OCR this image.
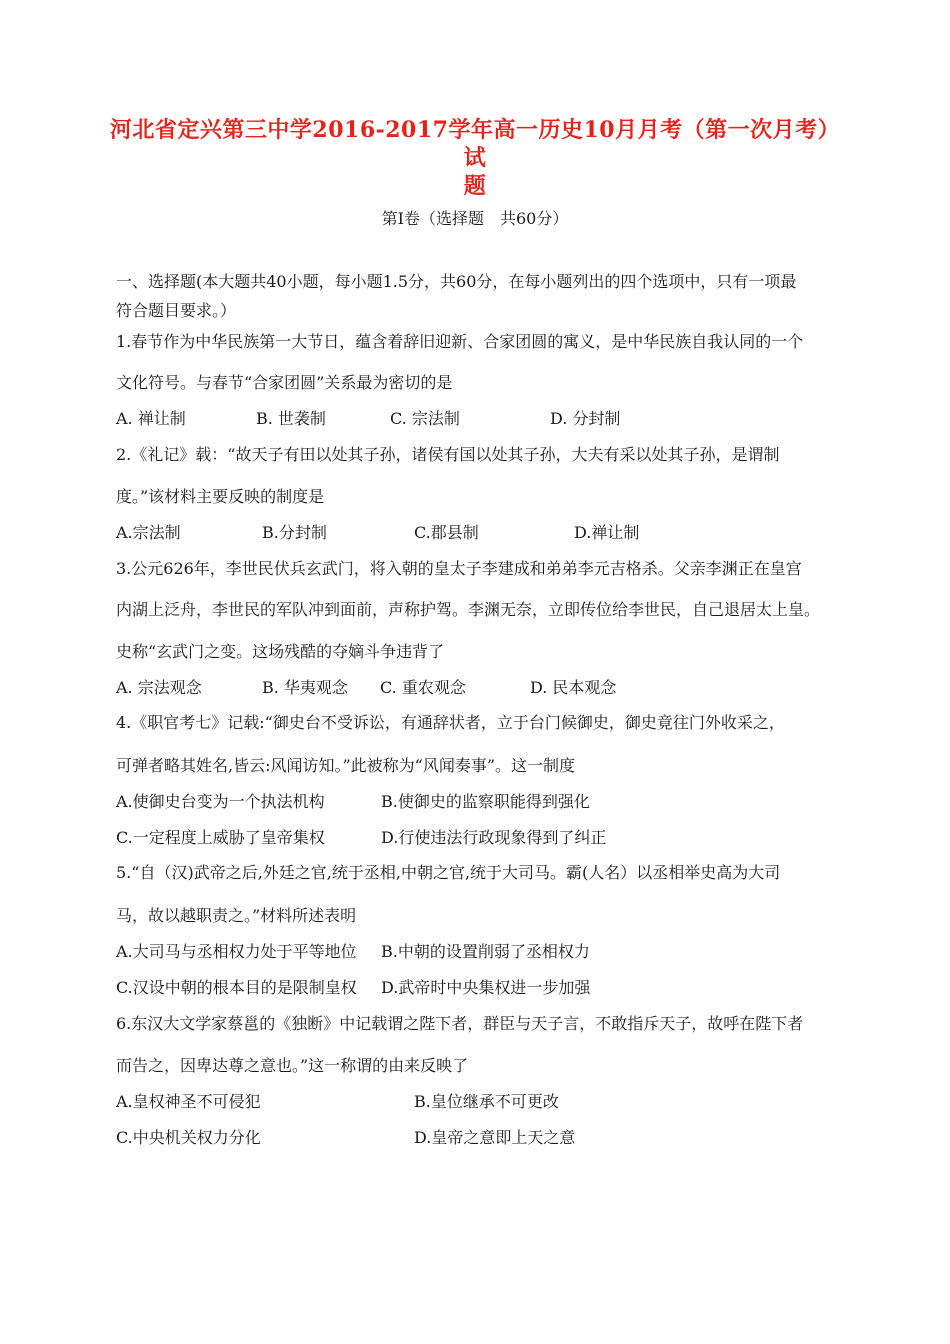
河北省定兴第三中学2016-2017学年高一历史10月月考（第一次月考）试
题
第I卷（选择题　共60分）
一、选择题(本大题共40小题，每小题1.5分，共60分，在每小题列出的四个选项中，只有一项最
符合题目要求。）
1.春节作为中华民族第一大节日，蕴含着辞旧迎新、合家团圆的寓义，是中华民族自我认同的一个
文化符号。与春节“合家团圆”关系最为密切的是
A. 禅让制	B. 世袭制	C. 宗法制	D. 分封制
2.《礼记》载：“故天子有田以处其子孙，诸侯有国以处其子孙，大夫有采以处其子孙，是谓制
度。”该材料主要反映的制度是
A.宗法制	B.分封制	C.郡县制	D.禅让制
3.公元626年，李世民伏兵玄武门，将入朝的皇太子李建成和弟弟李元吉格杀。父亲李渊正在皇宫
内湖上泛舟，李世民的军队冲到面前，声称护驾。李渊无奈，立即传位给李世民，自己退居太上皇。
史称“玄武门之变。这场残酷的夺嫡斗争违背了
A. 宗法观念	B. 华夷观念 C. 重农观念	D. 民本观念
4.《职官考七》记载:“御史台不受诉讼，有通辞状者，立于台门候御史，御史竟往门外收采之，
可弹者略其姓名,皆云:风闻访知。”此被称为“风闻奏事”。这一制度
A.使御史台变为一个执法机构	B.使御史的监察职能得到强化
C.一定程度上威胁了皇帝集权	D.行使违法行政现象得到了纠正
5.“自（汉)武帝之后,外廷之官,统于丞相,中朝之官,统于大司马。霸(人名）以丞相举史高为大司
马，故以越职责之。”材料所述表明
A.大司马与丞相权力处于平等地位 B.中朝的设置削弱了丞相权力
C.汉设中朝的根本目的是限制皇权 D.武帝时中央集权进一步加强
6.东汉大文学家蔡邕的《独断》中记载谓之陛下者，群臣与天子言，不敢指斥天子，故呼在陛下者
而告之，因卑达尊之意也。”这一称谓的由来反映了
A.皇权神圣不可侵犯	B.皇位继承不可更改
C.中央机关权力分化	D.皇帝之意即上天之意
